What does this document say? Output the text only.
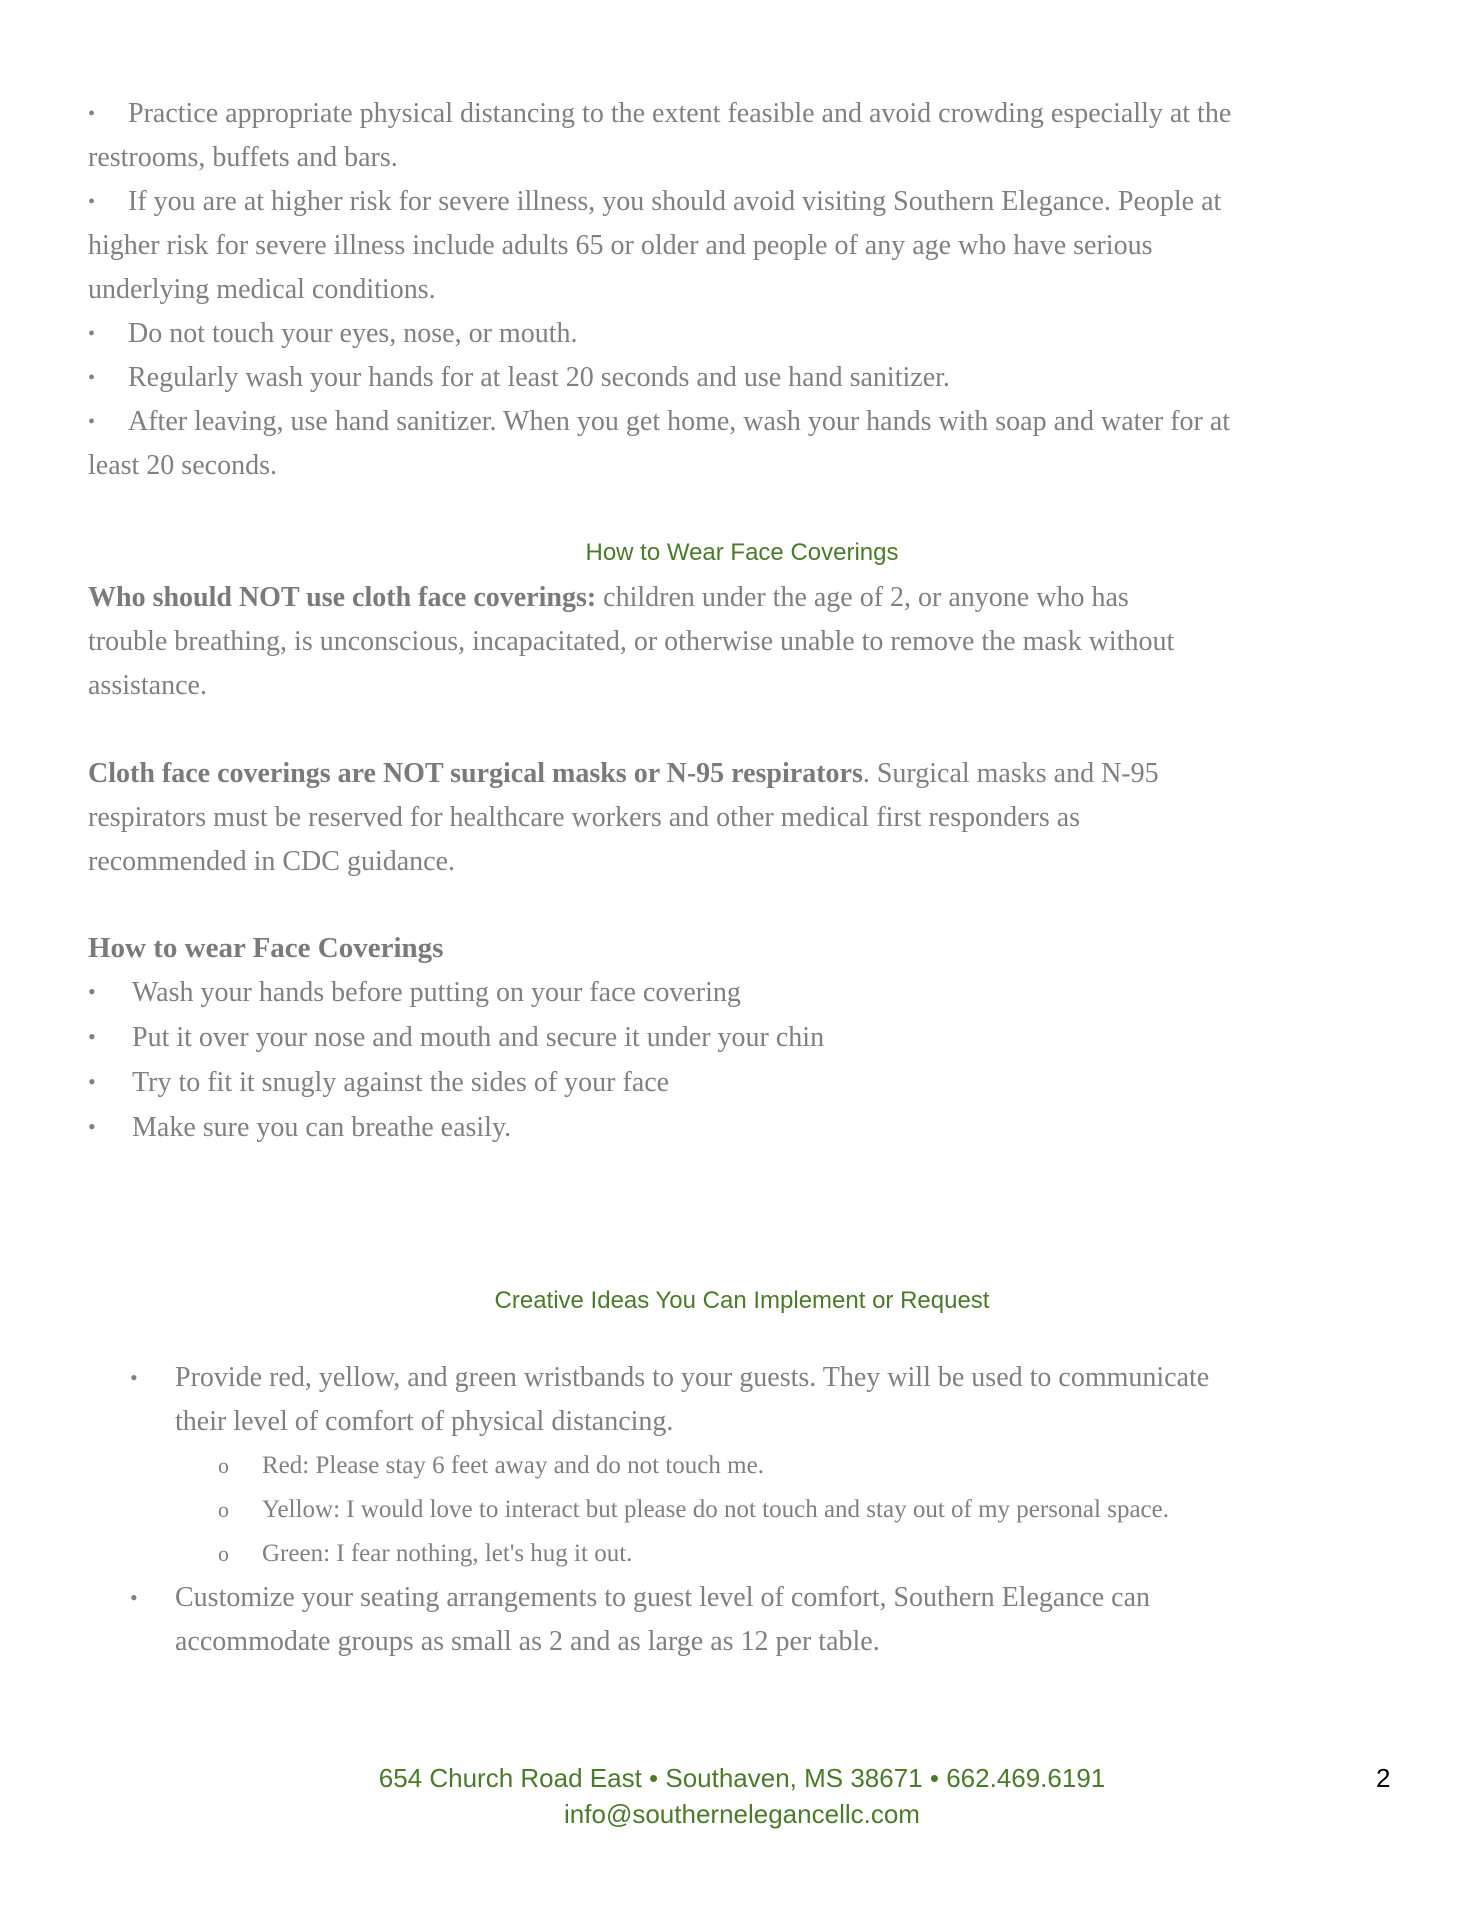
• Practice appropriate physical distancing to the extent feasible and avoid crowding especially at the
restrooms, buffets and bars.
• If you are at higher risk for severe illness, you should avoid visiting Southern Elegance. People at
higher risk for severe illness include adults 65 or older and people of any age who have serious
underlying medical conditions.
• Do not touch your eyes, nose, or mouth.
• Regularly wash your hands for at least 20 seconds and use hand sanitizer.
• After leaving, use hand sanitizer. When you get home, wash your hands with soap and water for at
least 20 seconds.
How to Wear Face Coverings
Who should NOT use cloth face coverings: children under the age of 2, or anyone who has
trouble breathing, is unconscious, incapacitated, or otherwise unable to remove the mask without
assistance.
Cloth face coverings are NOT surgical masks or N-95 respirators. Surgical masks and N-95
respirators must be reserved for healthcare workers and other medical first responders as
recommended in CDC guidance.
How to wear Face Coverings
• Wash your hands before putting on your face covering
• Put it over your nose and mouth and secure it under your chin
• Try to fit it snugly against the sides of your face
• Make sure you can breathe easily.
Creative Ideas You Can Implement or Request
• Provide red, yellow, and green wristbands to your guests. They will be used to communicate
their level of comfort of physical distancing.
o Red: Please stay 6 feet away and do not touch me.
o Yellow: I would love to interact but please do not touch and stay out of my personal space.
o Green: I fear nothing, let's hug it out.
• Customize your seating arrangements to guest level of comfort, Southern Elegance can
accommodate groups as small as 2 and as large as 12 per table.
654 Church Road East • Southaven, MS 38671 • 662.469.6191
info@southernelegancellc.com
2
